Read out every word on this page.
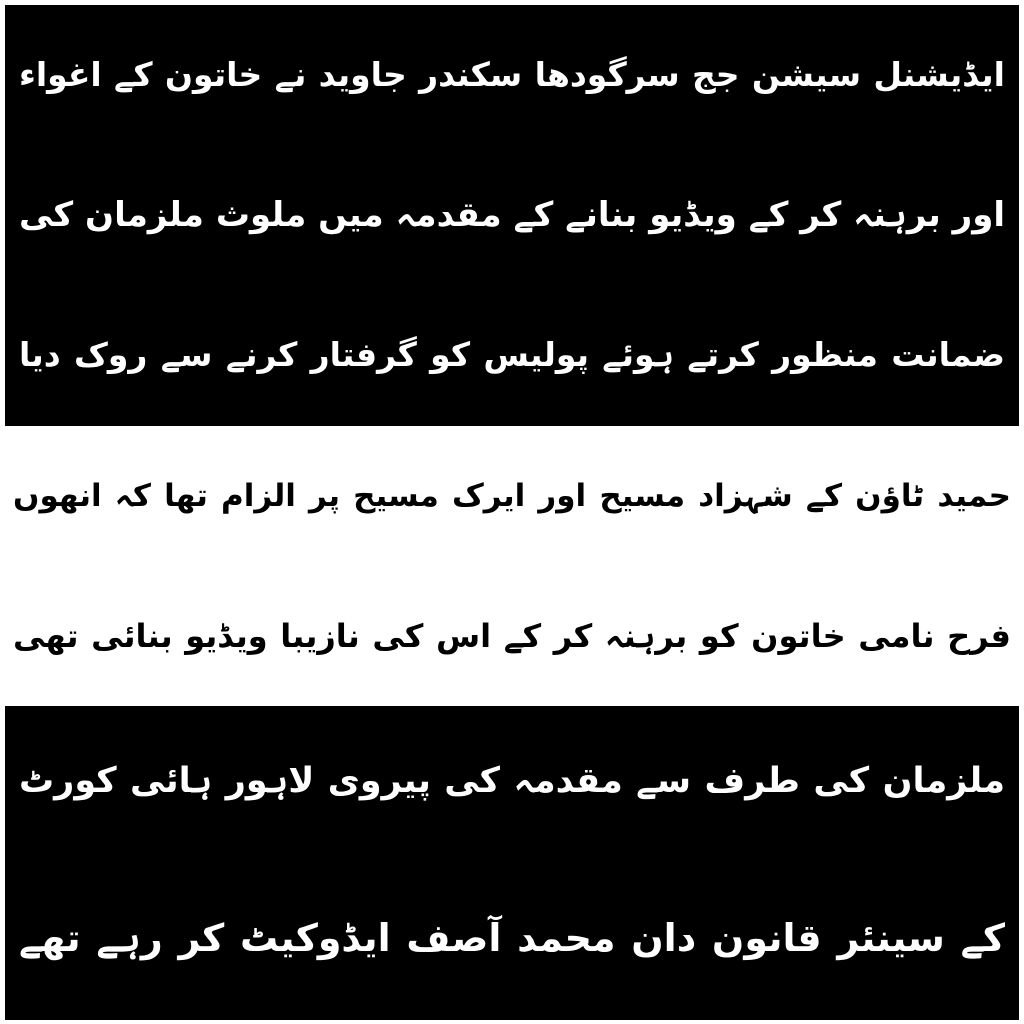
ایڈیشنل سیشن جج سرگودھا سکندر جاوید نے خاتون کے اغواء
اور برہنہ کر کے ویڈیو بنانے کے مقدمہ میں ملوث ملزمان کی
ضمانت منظور کرتے ہوئے پولیس کو گرفتار کرنے سے روک دیا
حمید ٹاؤن کے شہزاد مسیح اور ایرک مسیح پر الزام تھا کہ انھوں
فرح نامی خاتون کو برہنہ کر کے اس کی نازیبا ویڈیو بنائی تھی
ملزمان کی طرف سے مقدمہ کی پیروی لاہور ہائی کورٹ
کے سینئر قانون دان محمد آصف ایڈوکیٹ کر رہے تھے
